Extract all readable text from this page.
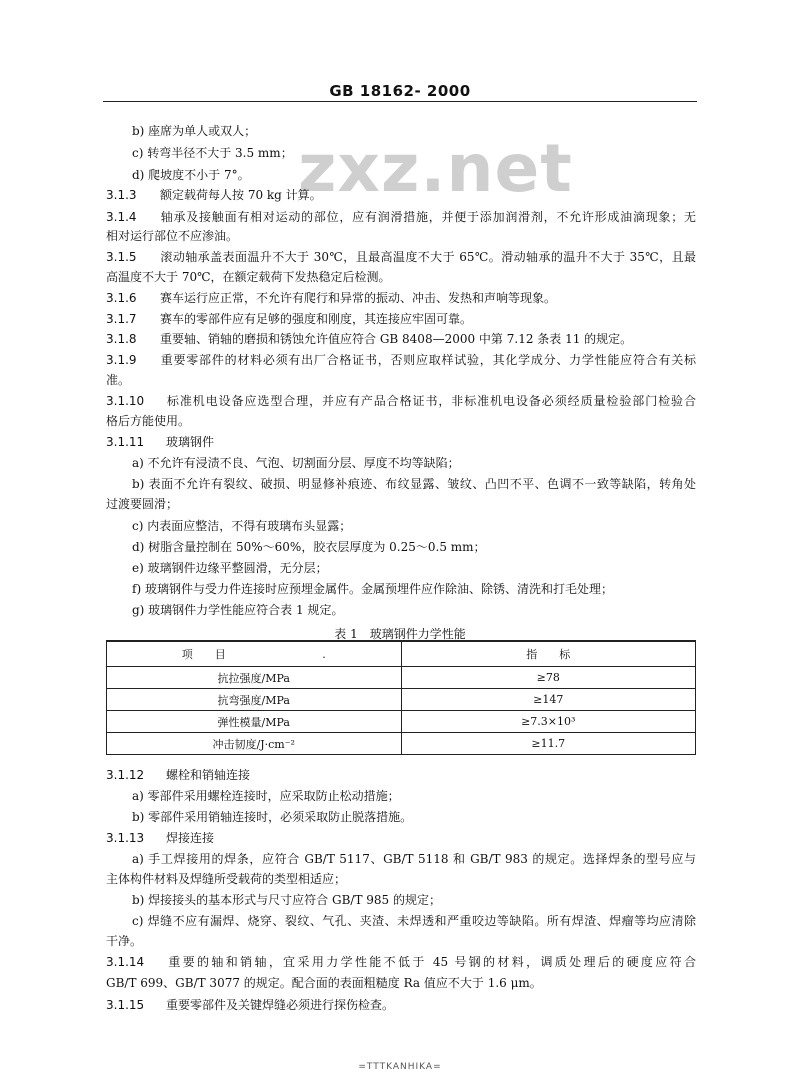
GB 18162- 2000
zxz.net
b) 座席为单人或双人；
c) 转弯半径不大于 3.5 mm；
d) 爬坡度不小于 7°。
3.1.3 额定载荷每人按 70 kg 计算。
3.1.4 轴承及接触面有相对运动的部位，应有润滑措施，并便于添加润滑剂，不允许形成油滴现象；无
相对运行部位不应渗油。
3.1.5 滚动轴承盖表面温升不大于 30℃，且最高温度不大于 65℃。滑动轴承的温升不大于 35℃，且最
高温度不大于 70℃，在额定载荷下发热稳定后检测。
3.1.6 赛车运行应正常，不允许有爬行和异常的振动、冲击、发热和声响等现象。
3.1.7 赛车的零部件应有足够的强度和刚度，其连接应牢固可靠。
3.1.8 重要轴、销轴的磨损和锈蚀允许值应符合 GB 8408—2000 中第 7.12 条表 11 的规定。
3.1.9 重要零部件的材料必须有出厂合格证书，否则应取样试验，其化学成分、力学性能应符合有关标
准。
3.1.10 标准机电设备应选型合理，并应有产品合格证书，非标准机电设备必须经质量检验部门检验合
格后方能使用。
3.1.11 玻璃钢件
a) 不允许有浸渍不良、气泡、切割面分层、厚度不均等缺陷；
b) 表面不允许有裂纹、破损、明显修补痕迹、布纹显露、皱纹、凸凹不平、色调不一致等缺陷，转角处
过渡要圆滑；
c) 内表面应整洁，不得有玻璃布头显露；
d) 树脂含量控制在 50%～60%，胶衣层厚度为 0.25～0.5 mm；
e) 玻璃钢件边缘平整圆滑，无分层；
f) 玻璃钢件与受力件连接时应预埋金属件。金属预埋件应作除油、除锈、清洗和打毛处理；
g) 玻璃钢件力学性能应符合表 1 规定。
表 1　玻璃钢件力学性能
项　　目 .	指　　标
抗拉强度/MPa	≥78
抗弯强度/MPa	≥147
弹性模量/MPa	≥7.3×10³
冲击韧度/J·cm⁻²	≥11.7
3.1.12 螺栓和销轴连接
a) 零部件采用螺栓连接时，应采取防止松动措施；
b) 零部件采用销轴连接时，必须采取防止脱落措施。
3.1.13 焊接连接
a) 手工焊接用的焊条，应符合 GB/T 5117、GB/T 5118 和 GB/T 983 的规定。选择焊条的型号应与
主体构件材料及焊缝所受载荷的类型相适应；
b) 焊接接头的基本形式与尺寸应符合 GB/T 985 的规定；
c) 焊缝不应有漏焊、烧穿、裂纹、气孔、夹渣、未焊透和严重咬边等缺陷。所有焊渣、焊瘤等均应清除
干净。
3.1.14 重要的轴和销轴，宜采用力学性能不低于 45 号钢的材料，调质处理后的硬度应符合
GB/T 699、GB/T 3077 的规定。配合面的表面粗糙度 Ra 值应不大于 1.6 μm。
3.1.15 重要零部件及关键焊缝必须进行探伤检查。
=TTTKANHIKA=
